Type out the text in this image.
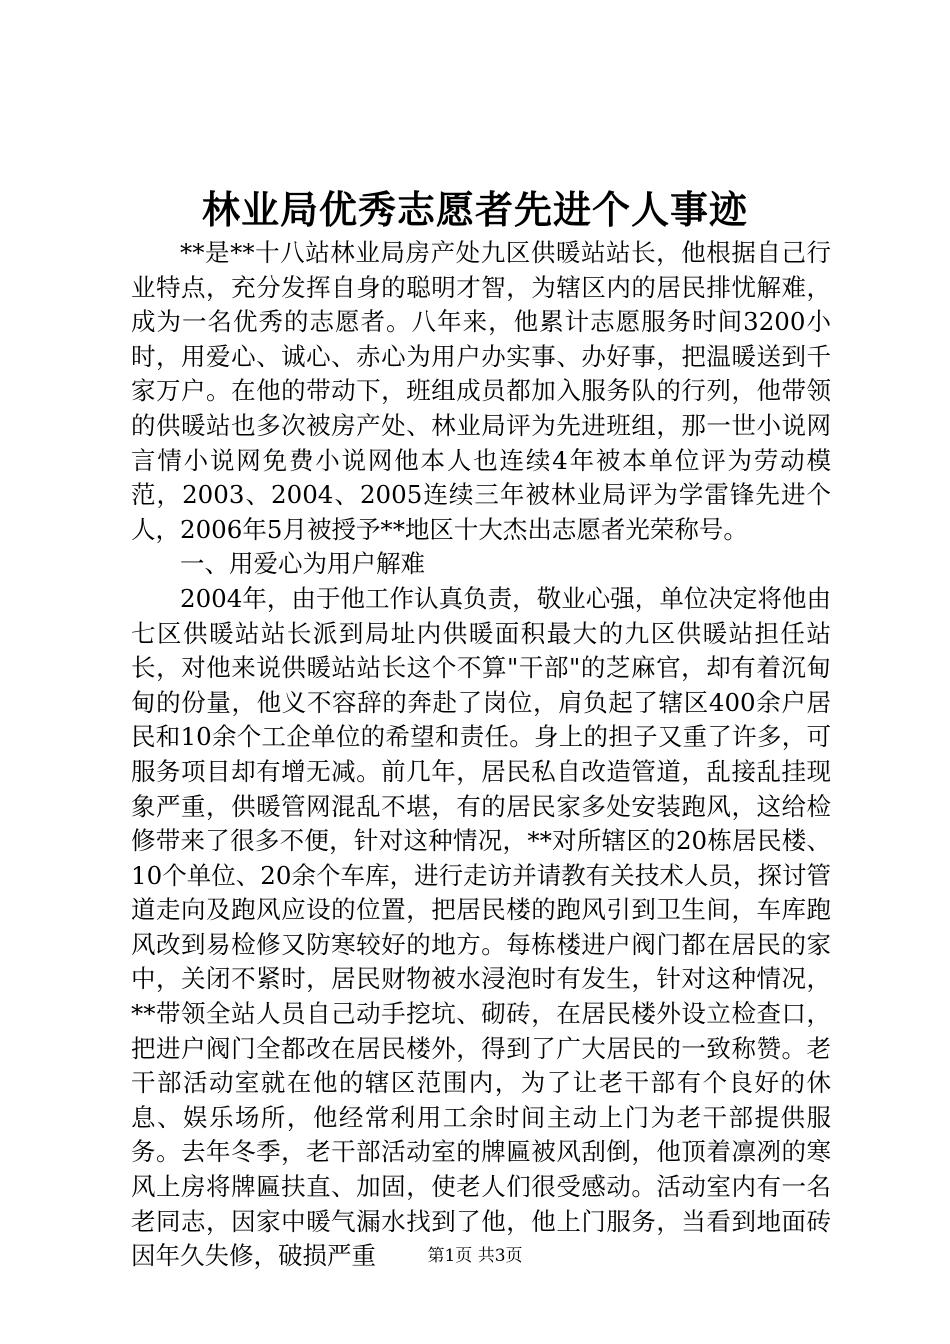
林业局优秀志愿者先进个人事迹

**是**十八站林业局房产处九区供暖站站长，他根据自己行业特点，充分发挥自身的聪明才智，为辖区内的居民排忧解难，成为一名优秀的志愿者。八年来，他累计志愿服务时间3200小时，用爱心、诚心、赤心为用户办实事、办好事，把温暖送到千家万户。在他的带动下，班组成员都加入服务队的行列，他带领的供暖站也多次被房产处、林业局评为先进班组，那一世小说网言情小说网免费小说网他本人也连续4年被本单位评为劳动模范，2003、2004、2005连续三年被林业局评为学雷锋先进个人，2006年5月被授予**地区十大杰出志愿者光荣称号。

一、用爱心为用户解难

2004年，由于他工作认真负责，敬业心强，单位决定将他由七区供暖站站长派到局址内供暖面积最大的九区供暖站担任站长，对他来说供暖站站长这个不算"干部"的芝麻官，却有着沉甸甸的份量，他义不容辞的奔赴了岗位，肩负起了辖区400余户居民和10余个工企单位的希望和责任。身上的担子又重了许多，可服务项目却有增无减。前几年，居民私自改造管道，乱接乱挂现象严重，供暖管网混乱不堪，有的居民家多处安装跑风，这给检修带来了很多不便，针对这种情况，**对所辖区的20栋居民楼、10个单位、20余个车库，进行走访并请教有关技术人员，探讨管道走向及跑风应设的位置，把居民楼的跑风引到卫生间，车库跑风改到易检修又防寒较好的地方。每栋楼进户阀门都在居民的家中，关闭不紧时，居民财物被水浸泡时有发生，针对这种情况，**带领全站人员自己动手挖坑、砌砖，在居民楼外设立检查口，把进户阀门全都改在居民楼外，得到了广大居民的一致称赞。老干部活动室就在他的辖区范围内，为了让老干部有个良好的休息、娱乐场所，他经常利用工余时间主动上门为老干部提供服务。去年冬季，老干部活动室的牌匾被风刮倒，他顶着凛冽的寒风上房将牌匾扶直、加固，使老人们很受感动。活动室内有一名老同志，因家中暖气漏水找到了他，他上门服务，当看到地面砖因年久失修，破损严重	第1页 共3页
